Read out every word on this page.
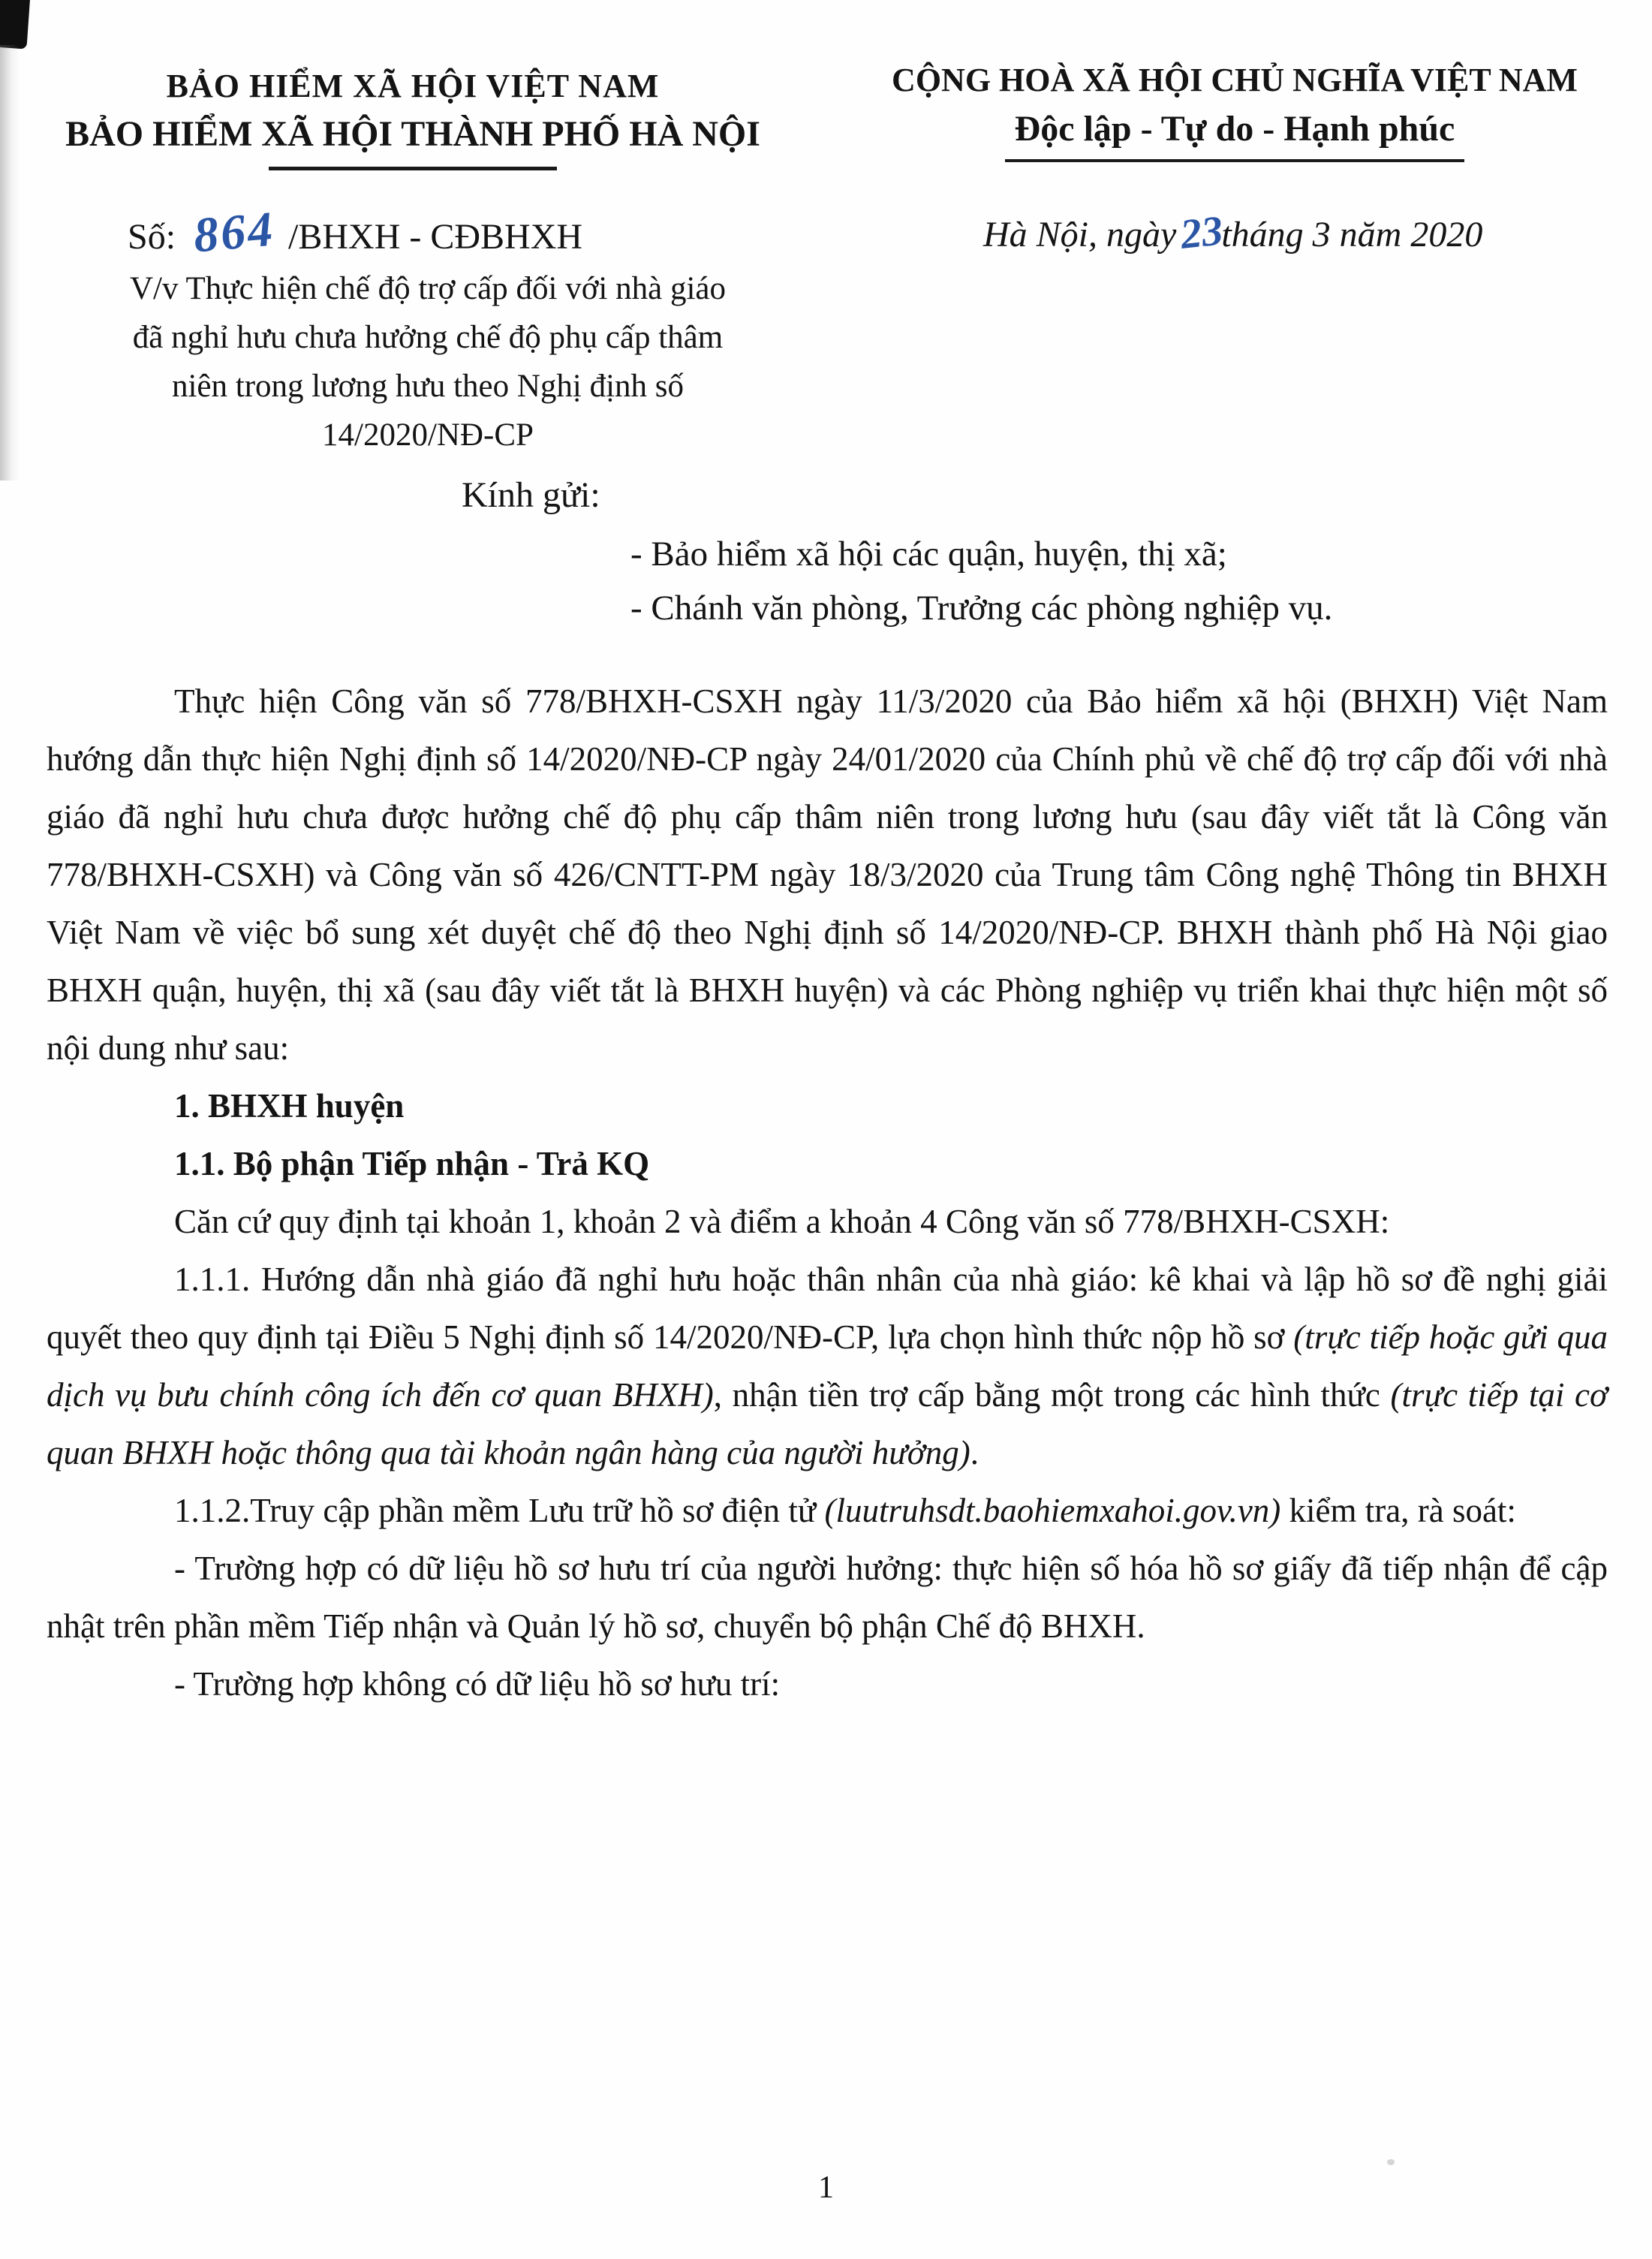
BẢO HIỂM XÃ HỘI VIỆT NAM
BẢO HIỂM XÃ HỘI THÀNH PHỐ HÀ NỘI
CỘNG HOÀ XÃ HỘI CHỦ NGHĨA VIỆT NAM
Độc lập - Tự do - Hạnh phúc
Số: 864 /BHXH - CĐBHXH	Hà Nội, ngày23tháng 3 năm 2020
V/v Thực hiện chế độ trợ cấp đối với nhà giáo
đã nghỉ hưu chưa hưởng chế độ phụ cấp thâm
niên trong lương hưu theo Nghị định số
14/2020/NĐ-CP
Kính gửi:
- Bảo hiểm xã hội các quận, huyện, thị xã;
- Chánh văn phòng, Trưởng các phòng nghiệp vụ.

Thực hiện Công văn số 778/BHXH-CSXH ngày 11/3/2020 của Bảo hiểm xã hội (BHXH) Việt Nam hướng dẫn thực hiện Nghị định số 14/2020/NĐ-CP ngày 24/01/2020 của Chính phủ về chế độ trợ cấp đối với nhà giáo đã nghỉ hưu chưa được hưởng chế độ phụ cấp thâm niên trong lương hưu (sau đây viết tắt là Công văn 778/BHXH-CSXH) và Công văn số 426/CNTT-PM ngày 18/3/2020 của Trung tâm Công nghệ Thông tin BHXH Việt Nam về việc bổ sung xét duyệt chế độ theo Nghị định số 14/2020/NĐ-CP. BHXH thành phố Hà Nội giao BHXH quận, huyện, thị xã (sau đây viết tắt là BHXH huyện) và các Phòng nghiệp vụ triển khai thực hiện một số nội dung như sau:

1. BHXH huyện

1.1. Bộ phận Tiếp nhận - Trả KQ

Căn cứ quy định tại khoản 1, khoản 2 và điểm a khoản 4 Công văn số 778/BHXH-CSXH:

1.1.1. Hướng dẫn nhà giáo đã nghỉ hưu hoặc thân nhân của nhà giáo: kê khai và lập hồ sơ đề nghị giải quyết theo quy định tại Điều 5 Nghị định số 14/2020/NĐ-CP, lựa chọn hình thức nộp hồ sơ (trực tiếp hoặc gửi qua dịch vụ bưu chính công ích đến cơ quan BHXH), nhận tiền trợ cấp bằng một trong các hình thức (trực tiếp tại cơ quan BHXH hoặc thông qua tài khoản ngân hàng của người hưởng).

1.1.2.Truy cập phần mềm Lưu trữ hồ sơ điện tử (luutruhsdt.baohiemxahoi.gov.vn) kiểm tra, rà soát:

- Trường hợp có dữ liệu hồ sơ hưu trí của người hưởng: thực hiện số hóa hồ sơ giấy đã tiếp nhận để cập nhật trên phần mềm Tiếp nhận và Quản lý hồ sơ, chuyển bộ phận Chế độ BHXH.

- Trường hợp không có dữ liệu hồ sơ hưu trí:

1
